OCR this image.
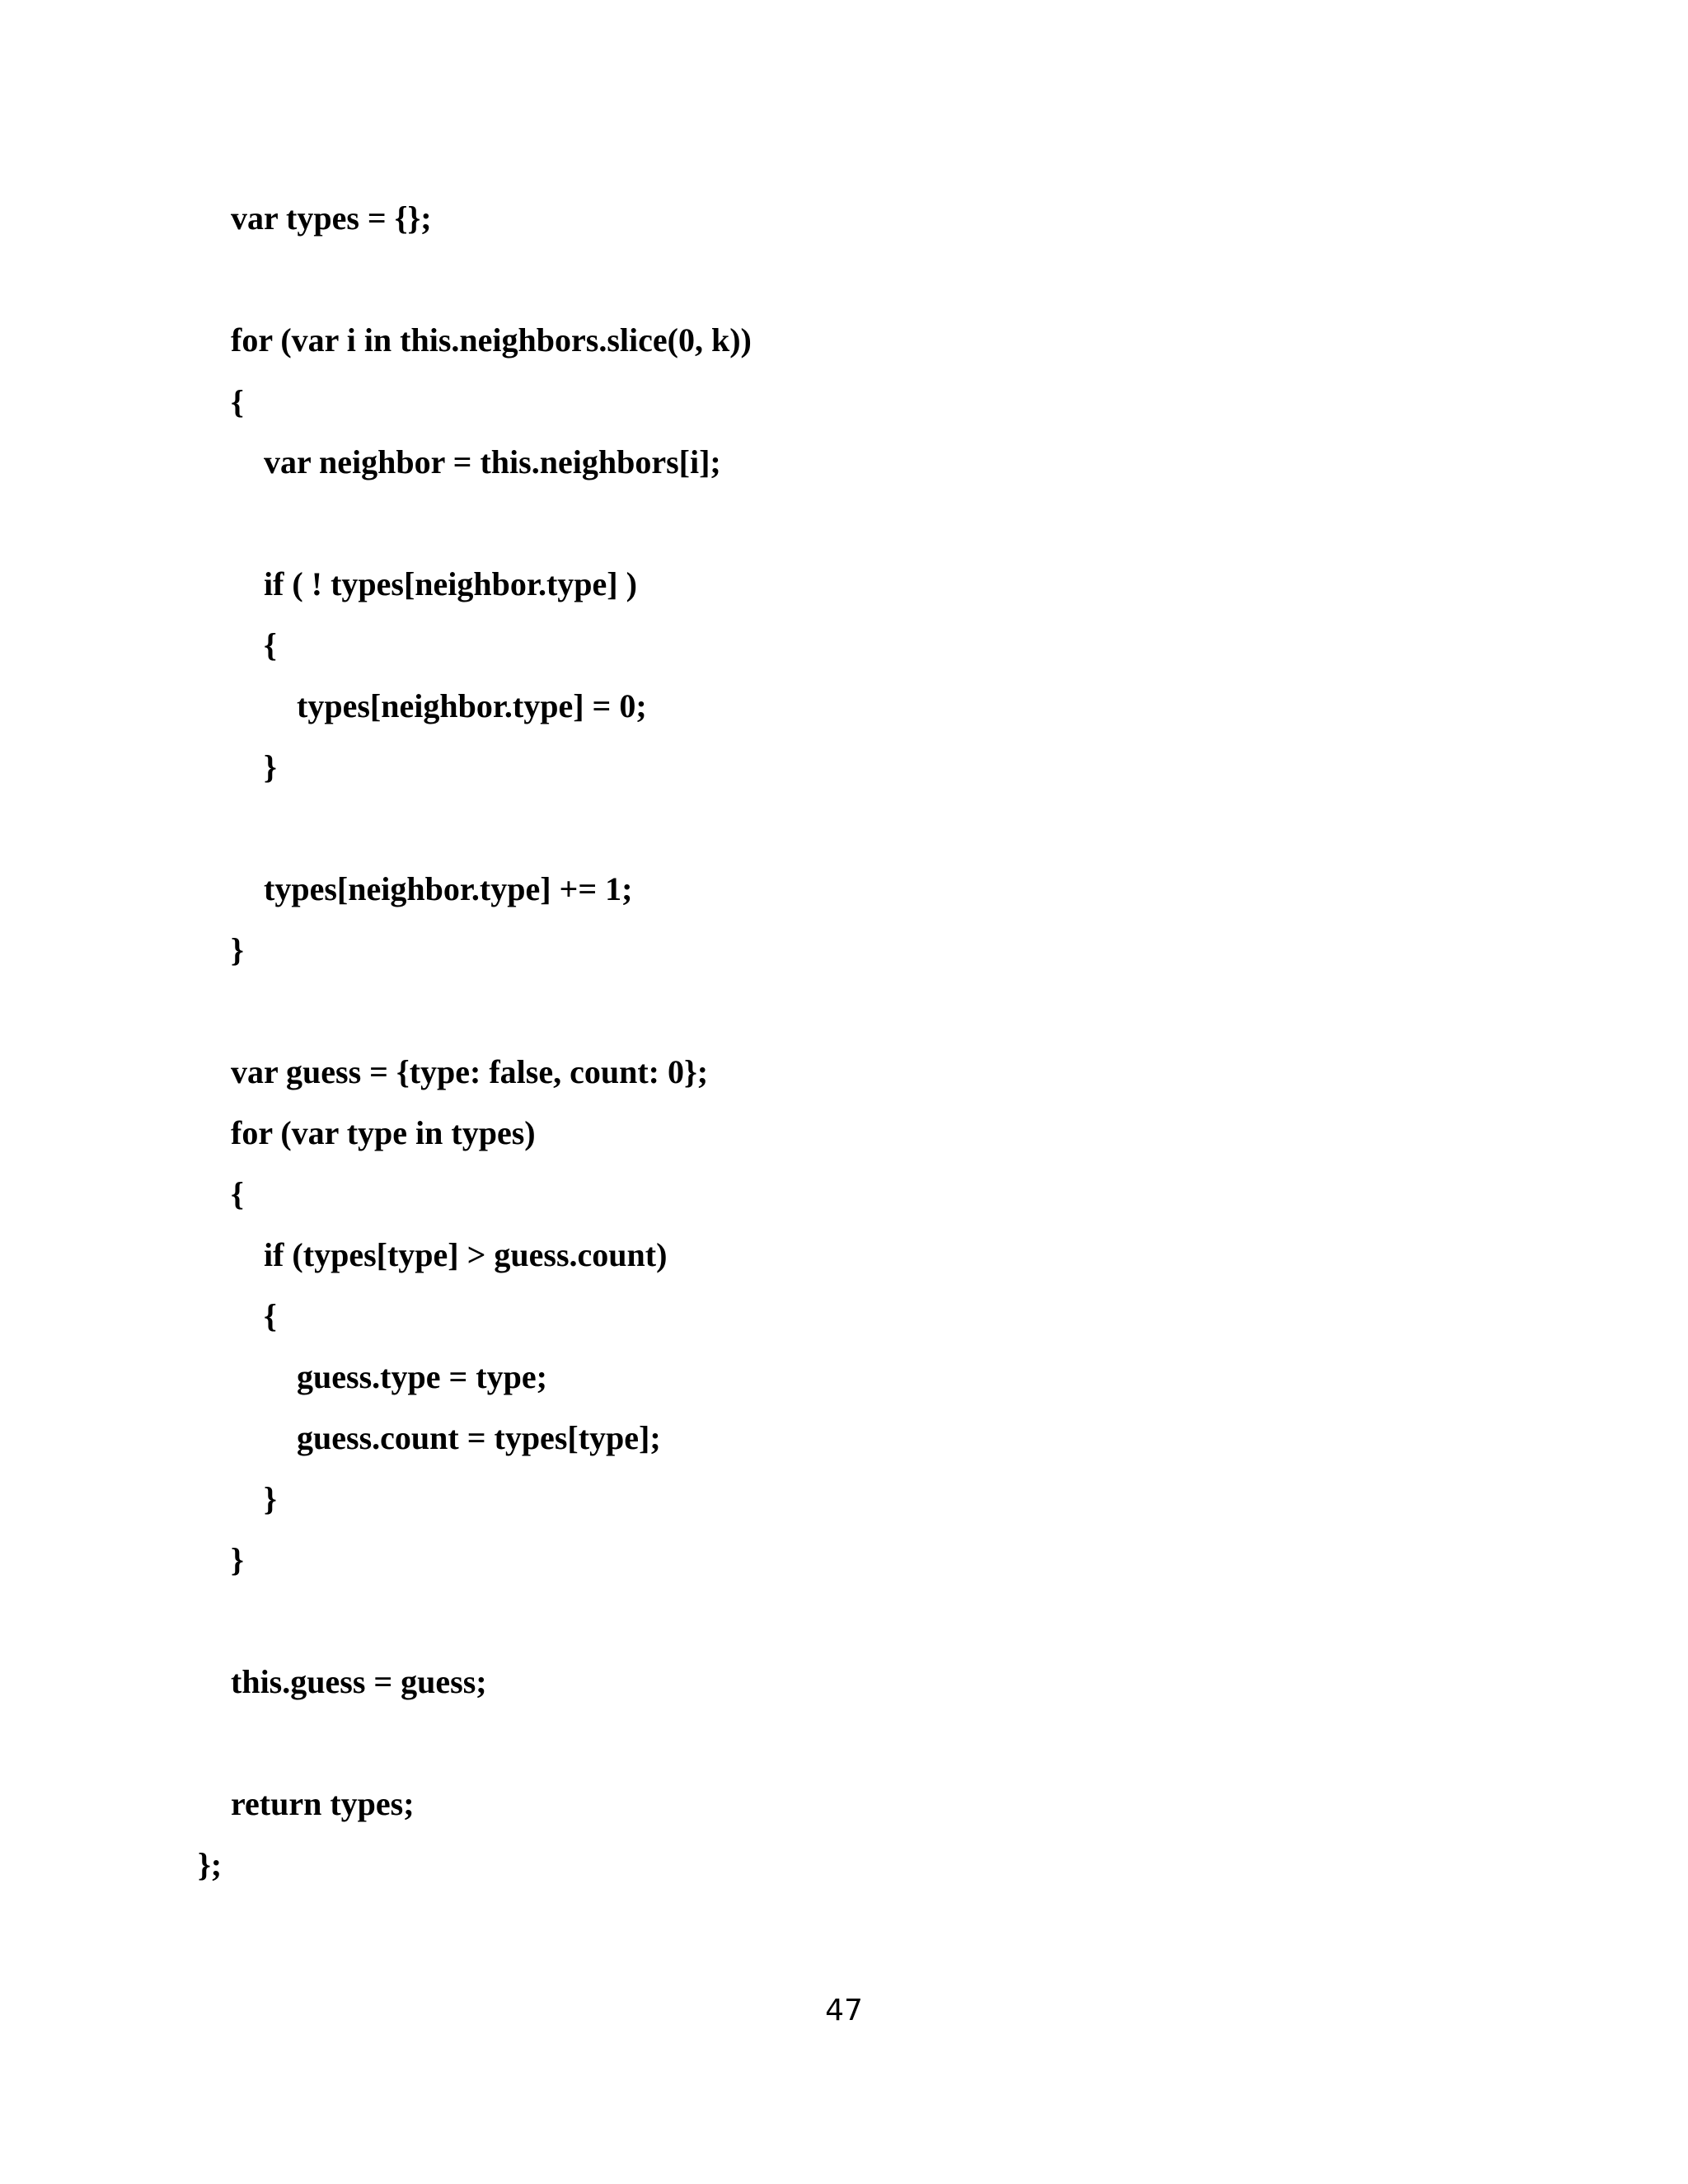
var types = {};

for (var i in this.neighbors.slice(0, k))

{

var neighbor = this.neighbors[i];

if ( ! types[neighbor.type] )

{

types[neighbor.type] = 0;

}

types[neighbor.type] += 1;

}

var guess = {type: false, count: 0};

for (var type in types)

{

if (types[type] > guess.count)

{

guess.type = type;

guess.count = types[type];

}

}

this.guess = guess;

return types;

};

47
